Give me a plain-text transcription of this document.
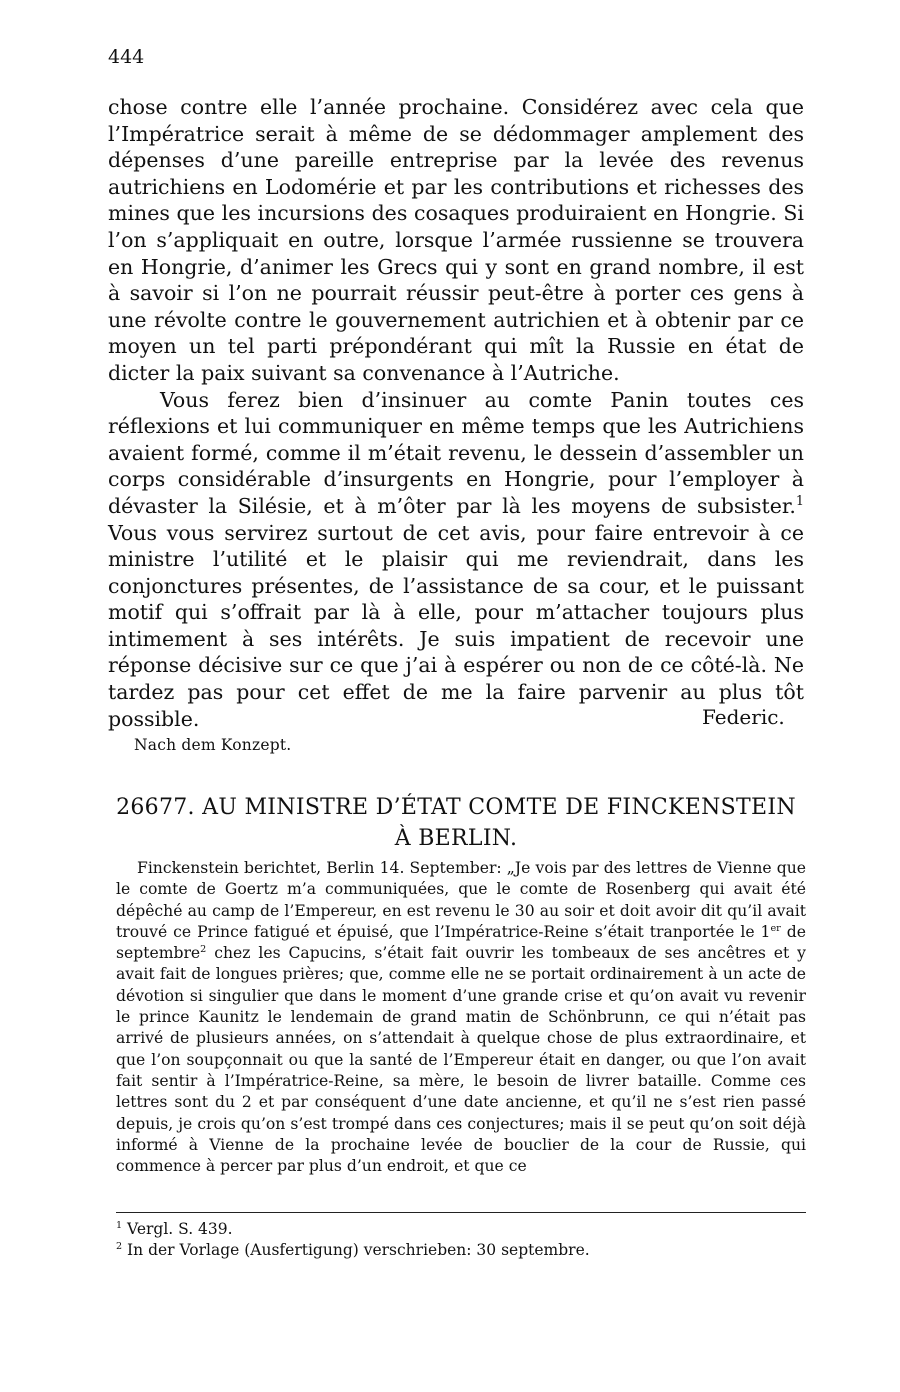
444

chose contre elle l’année prochaine. Considérez avec cela que l’Impératrice serait à même de se dédommager amplement des dépenses d’une pareille entreprise par la levée des revenus autrichiens en Lodomérie et par les contributions et richesses des mines que les incursions des cosaques produiraient en Hongrie. Si l’on s’appliquait en outre, lorsque l’armée russienne se trouvera en Hongrie, d’animer les Grecs qui y sont en grand nombre, il est à savoir si l’on ne pourrait réussir peut-être à porter ces gens à une révolte contre le gouvernement autrichien et à obtenir par ce moyen un tel parti prépondérant qui mît la Russie en état de dicter la paix suivant sa convenance à l’Autriche.

Vous ferez bien d’insinuer au comte Panin toutes ces réflexions et lui communiquer en même temps que les Autrichiens avaient formé, comme il m’était revenu, le dessein d’assembler un corps considérable d’insurgents en Hongrie, pour l’employer à dévaster la Silésie, et à m’ôter par là les moyens de subsister.$^1$ Vous vous servirez surtout de cet avis, pour faire entrevoir à ce ministre l’utilité et le plaisir qui me reviendrait, dans les conjonctures présentes, de l’assistance de sa cour, et le puissant motif qui s’offrait par là à elle, pour m’attacher toujours plus intimement à ses intérêts. Je suis impatient de recevoir une réponse décisive sur ce que j’ai à espérer ou non de ce côté-là. Ne tardez pas pour cet effet de me la faire parvenir au plus tôt possible.	Federic.
Nach dem Konzept.
26677. AU MINISTRE D’ÉTAT COMTE DE FINCKENSTEIN À BERLIN.

Finckenstein berichtet, Berlin 14. September: „Je vois par des lettres de Vienne que le comte de Goertz m’a communiquées, que le comte de Rosenberg qui avait été dépêché au camp de l’Empereur, en est revenu le 30 au soir et doit avoir dit qu’il avait trouvé ce Prince fatigué et épuisé, que l’Impératrice-Reine s’était tranportée le 1er de septembre$^2$ chez les Capucins, s’était fait ouvrir les tombeaux de ses ancêtres et y avait fait de longues prières; que, comme elle ne se portait ordinairement à un acte de dévotion si singulier que dans le moment d’une grande crise et qu’on avait vu revenir le prince Kaunitz le lendemain de grand matin de Schönbrunn, ce qui n’était pas arrivé de plusieurs années, on s’attendait à quelque chose de plus extraordinaire, et que l’on soupçonnait ou que la santé de l’Empereur était en danger, ou que l’on avait fait sentir à l’Impératrice-Reine, sa mère, le besoin de livrer bataille. Comme ces lettres sont du 2 et par conséquent d’une date ancienne, et qu’il ne s’est rien passé depuis, je crois qu’on s’est trompé dans ces conjectures; mais il se peut qu’on soit déjà informé à Vienne de la prochaine levée de bouclier de la cour de Russie, qui commence à percer par plus d’un endroit, et que ce

$^1$ Vergl. S. 439.
$^2$ In der Vorlage (Ausfertigung) verschrieben: 30 septembre.
